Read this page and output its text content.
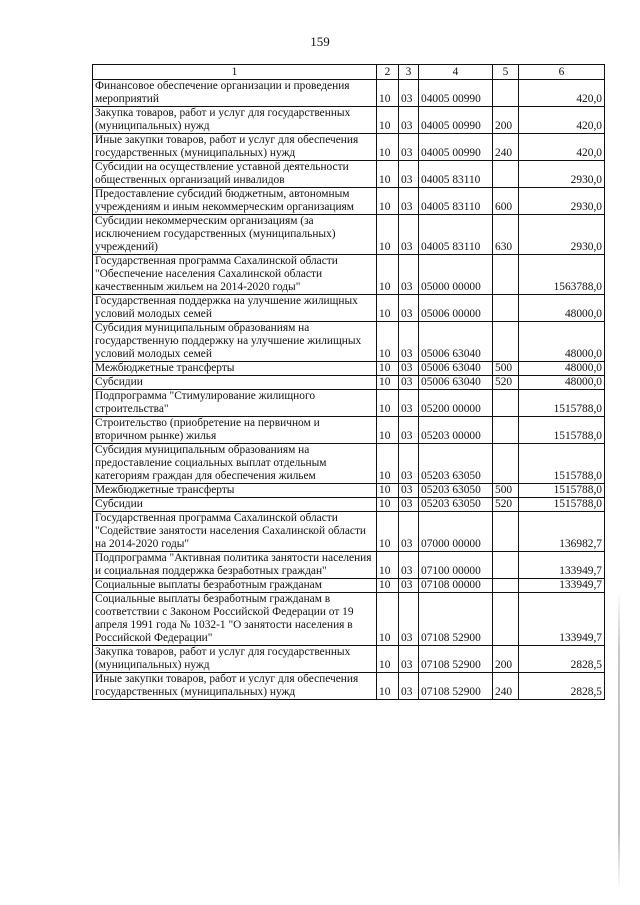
159
1	2	3	4	5	6
Финансовое обеспечение организации и проведения мероприятий	10	03	04005 00990		420,0
Закупка товаров, работ и услуг для государственных (муниципальных) нужд	10	03	04005 00990	200	420,0
Иные закупки товаров, работ и услуг для обеспечения государственных (муниципальных) нужд	10	03	04005 00990	240	420,0
Субсидии на осуществление уставной деятельности общественных организаций инвалидов	10	03	04005 83110		2930,0
Предоставление субсидий бюджетным, автономным учреждениям и иным некоммерческим организациям	10	03	04005 83110	600	2930,0
Субсидии некоммерческим организациям (за исключением государственных (муниципальных) учреждений)	10	03	04005 83110	630	2930,0
Государственная программа Сахалинской области "Обеспечение населения Сахалинской области качественным жильем на 2014-2020 годы"	10	03	05000 00000		1563788,0
Государственная поддержка на улучшение жилищных условий молодых семей	10	03	05006 00000		48000,0
Субсидия муниципальным образованиям на государственную поддержку на улучшение жилищных условий молодых семей	10	03	05006 63040		48000,0
Межбюджетные трансферты	10	03	05006 63040	500	48000,0
Субсидии	10	03	05006 63040	520	48000,0
Подпрограмма "Стимулирование жилищного строительства"	10	03	05200 00000		1515788,0
Строительство (приобретение на первичном и вторичном рынке) жилья	10	03	05203 00000		1515788,0
Субсидия муниципальным образованиям на предоставление социальных выплат отдельным категориям граждан для обеспечения жильем	10	03	05203 63050		1515788,0
Межбюджетные трансферты	10	03	05203 63050	500	1515788,0
Субсидии	10	03	05203 63050	520	1515788,0
Государственная программа Сахалинской области "Содействие занятости населения Сахалинской области на 2014-2020 годы"	10	03	07000 00000		136982,7
Подпрограмма "Активная политика занятости населения и социальная поддержка безработных граждан"	10	03	07100 00000		133949,7
Социальные выплаты безработным гражданам	10	03	07108 00000		133949,7
Социальные выплаты безработным гражданам в соответствии с Законом Российской Федерации от 19 апреля 1991 года № 1032-1 "О занятости населения в Российской Федерации"	10	03	07108 52900		133949,7
Закупка товаров, работ и услуг для государственных (муниципальных) нужд	10	03	07108 52900	200	2828,5
Иные закупки товаров, работ и услуг для обеспечения государственных (муниципальных) нужд	10	03	07108 52900	240	2828,5
